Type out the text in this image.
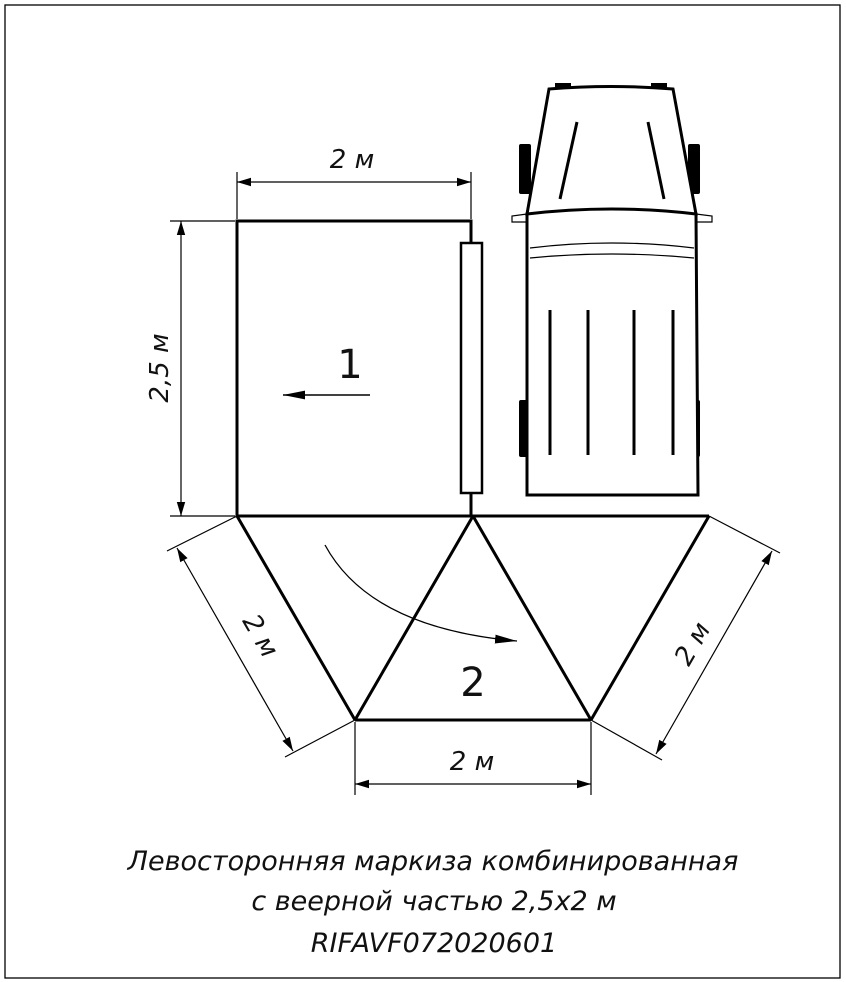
2 м
2,5 м
2 м	2 м
2 м
1
2
Левосторонняя маркиза комбинированная
с веерной частью 2,5х2 м
RIFAVF072020601
